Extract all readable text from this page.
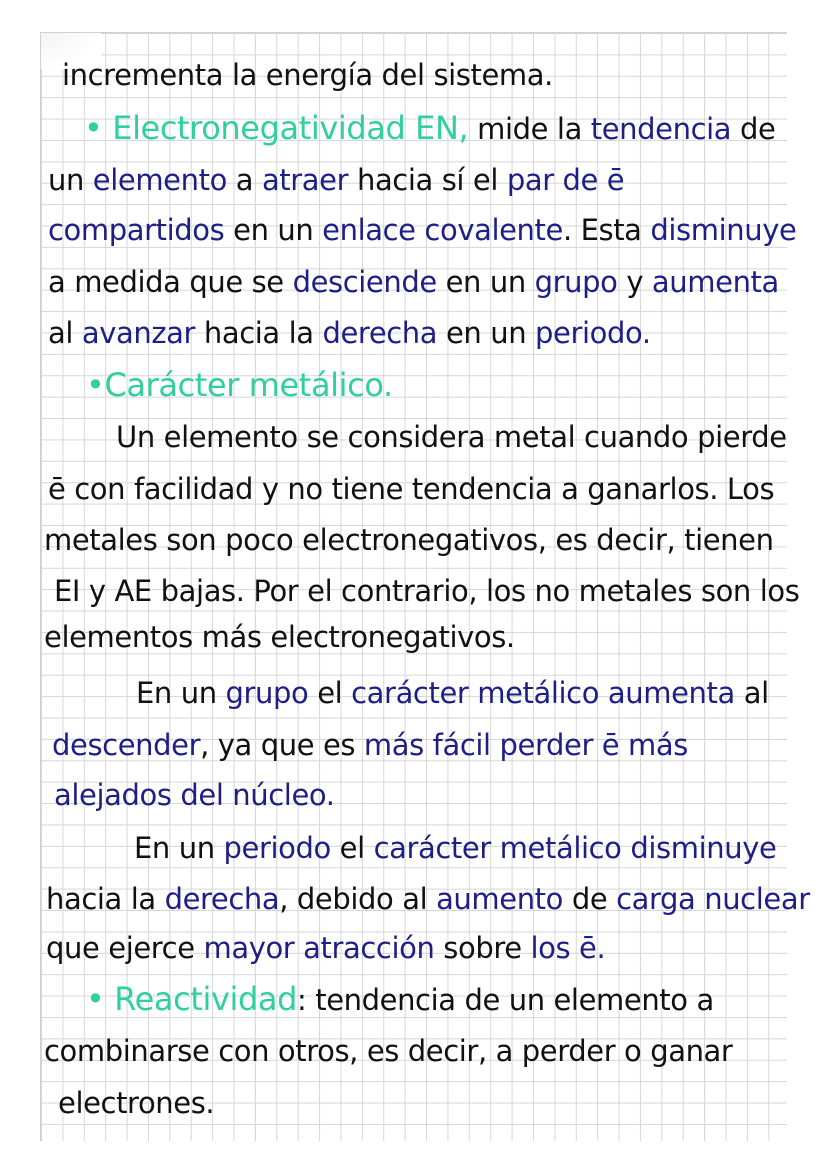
incrementa la energía del sistema.
• Electronegatividad EN, mide la tendencia de
un elemento a atraer hacia sí el par de ē
compartidos en un enlace covalente. Esta disminuye
a medida que se desciende en un grupo y aumenta
al avanzar hacia la derecha en un periodo.
•Carácter metálico.
Un elemento se considera metal cuando pierde
ē con facilidad y no tiene tendencia a ganarlos. Los
metales son poco electronegativos, es decir, tienen
EI y AE bajas. Por el contrario, los no metales son los
elementos más electronegativos.
En un grupo el carácter metálico aumenta al
descender, ya que es más fácil perder ē más
alejados del núcleo.
En un periodo el carácter metálico disminuye
hacia la derecha, debido al aumento de carga nuclear
que ejerce mayor atracción sobre los ē.
• Reactividad: tendencia de un elemento a
combinarse con otros, es decir, a perder o ganar
electrones.
